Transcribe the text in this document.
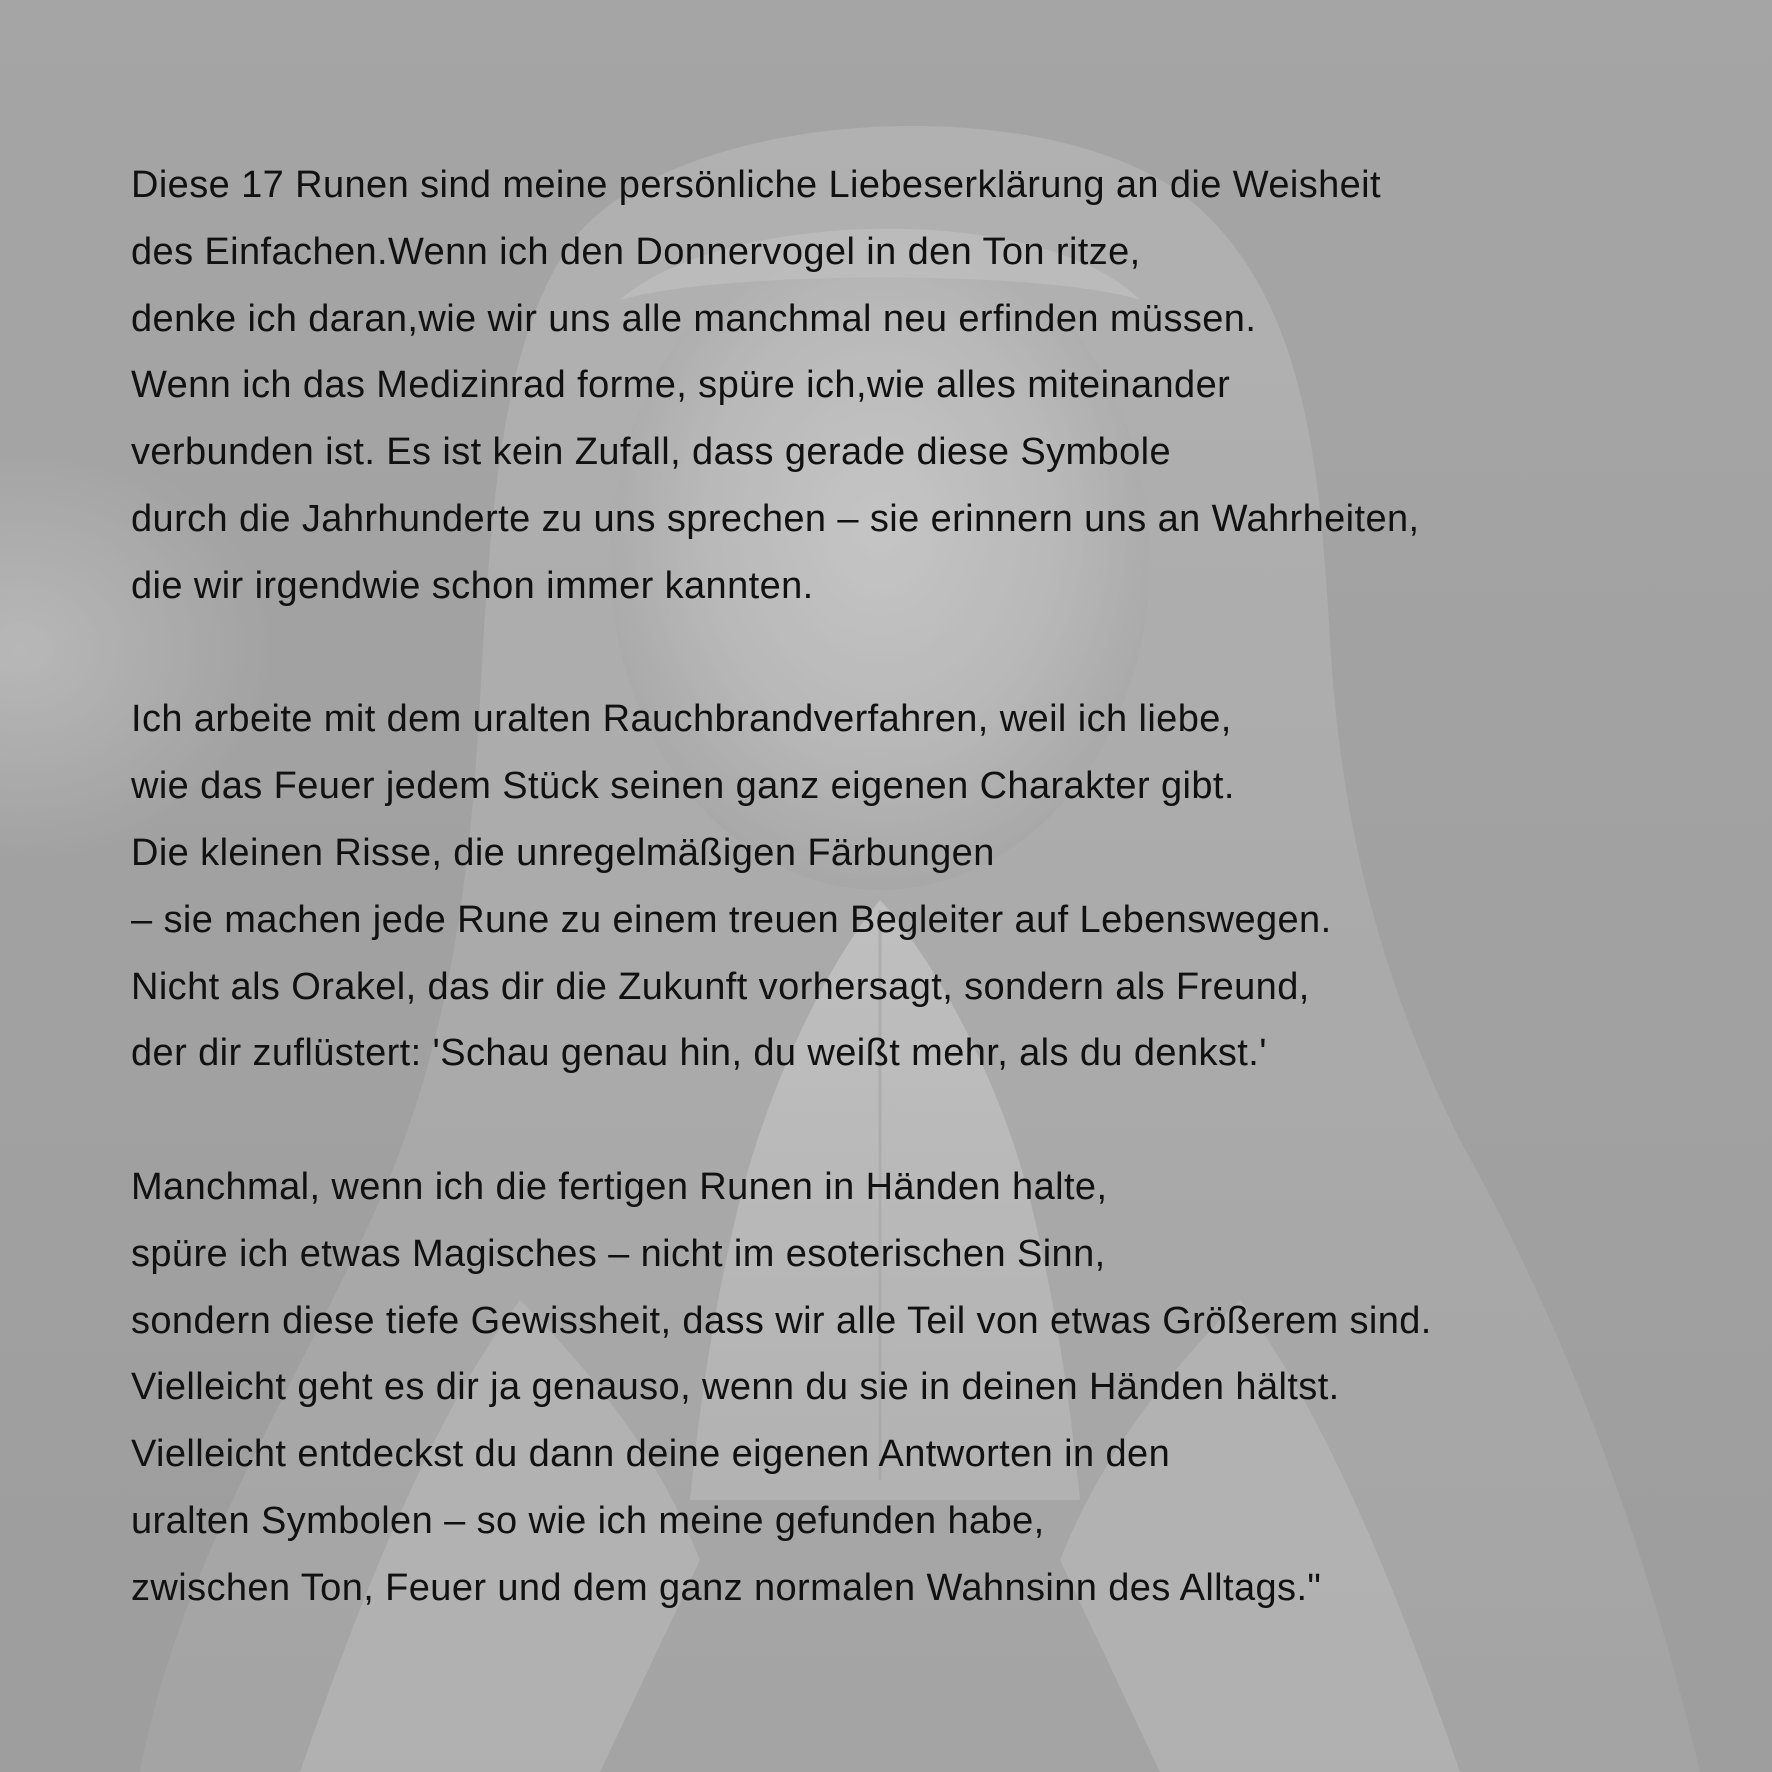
Diese 17 Runen sind meine persönliche Liebeserklärung an die Weisheit
des Einfachen.Wenn ich den Donnervogel in den Ton ritze,
denke ich daran,wie wir uns alle manchmal neu erfinden müssen.
Wenn ich das Medizinrad forme, spüre ich,wie alles miteinander
verbunden ist. Es ist kein Zufall, dass gerade diese Symbole
durch die Jahrhunderte zu uns sprechen – sie erinnern uns an Wahrheiten,
die wir irgendwie schon immer kannten.

Ich arbeite mit dem uralten Rauchbrandverfahren, weil ich liebe,
wie das Feuer jedem Stück seinen ganz eigenen Charakter gibt.
Die kleinen Risse, die unregelmäßigen Färbungen
– sie machen jede Rune zu einem treuen Begleiter auf Lebenswegen.
Nicht als Orakel, das dir die Zukunft vorhersagt, sondern als Freund,
der dir zuflüstert: 'Schau genau hin, du weißt mehr, als du denkst.'

Manchmal, wenn ich die fertigen Runen in Händen halte,
spüre ich etwas Magisches – nicht im esoterischen Sinn,
sondern diese tiefe Gewissheit, dass wir alle Teil von etwas Größerem sind.
Vielleicht geht es dir ja genauso, wenn du sie in deinen Händen hältst.
Vielleicht entdeckst du dann deine eigenen Antworten in den
uralten Symbolen – so wie ich meine gefunden habe,
zwischen Ton, Feuer und dem ganz normalen Wahnsinn des Alltags."
